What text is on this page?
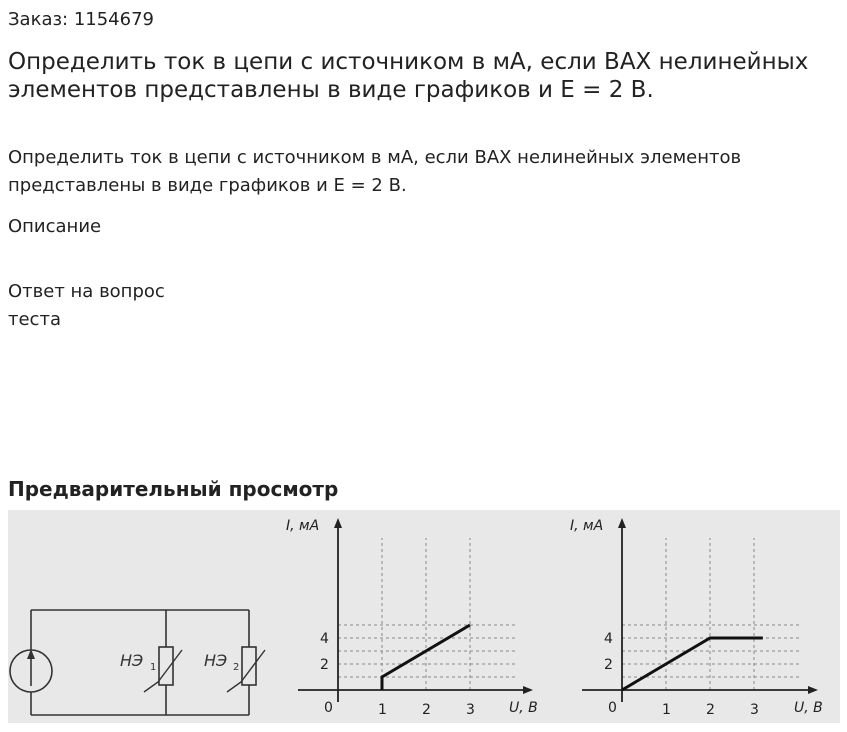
Заказ: 1154679
Определить ток в цепи с источником в мА, если ВАХ нелинейных элементов представлены в виде графиков и Е = 2 В.
Определить ток в цепи с источником в мА, если ВАХ нелинейных элементов представлены в виде графиков и Е = 2 В.
Описание
Ответ на вопрос теста
Предварительный просмотр
НЭ 1	НЭ 2
1	2	3
2
4
0
I, мА
U, В	1	2	3
2
4
0
I, мА
U, В
